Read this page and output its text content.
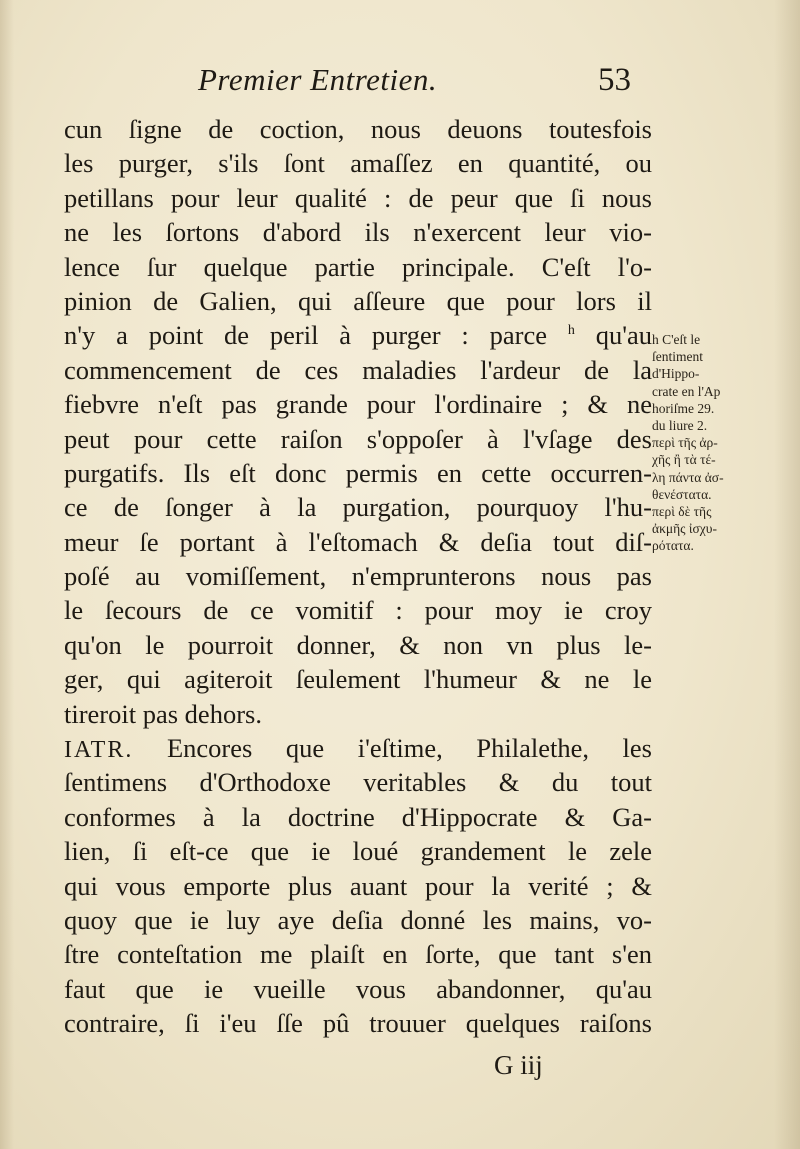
Premier Entretien.	53
cun ſigne de coction, nous deuons toutesfois
les purger, s'ils ſont amaſſez en quantité, ou
petillans pour leur qualité : de peur que ſi nous
ne les ſortons d'abord ils n'exercent leur vio-
lence ſur quelque partie principale. C'eſt l'o-
pinion de Galien, qui aſſeure que pour lors il
n'y a point de peril à purger : parce $^h$ qu'au
commencement de ces maladies l'ardeur de la
fiebvre n'eſt pas grande pour l'ordinaire ; & ne
peut pour cette raiſon s'oppoſer à l'vſage des
purgatifs. Ils eſt donc permis en cette occurren-
ce de ſonger à la purgation, pourquoy l'hu-
meur ſe portant à l'eſtomach & deſia tout diſ-
poſé au vomiſſement, n'emprunterons nous pas
le ſecours de ce vomitif : pour moy ie croy
qu'on le pourroit donner, & non vn plus le-
ger, qui agiteroit ſeulement l'humeur & ne le
tireroit pas dehors.
IATR. Encores que i'eſtime, Philalethe, les
ſentimens d'Orthodoxe veritables & du tout
conformes à la doctrine d'Hippocrate & Ga-
lien, ſi eſt-ce que ie loué grandement le zele
qui vous emporte plus auant pour la verité ; &
quoy que ie luy aye deſia donné les mains, vo-
ſtre conteſtation me plaiſt en ſorte, que tant s'en
faut que ie vueille vous abandonner, qu'au
contraire, ſi i'eu ſſe pû trouuer quelques raiſons
h C'eſt le
ſentiment
d'Hippo-
crate en l'Ap
horiſme 29.
du liure 2.
περὶ τῆς ἀρ-
χῆς ἢ τὰ τέ-
λη πάντα ἀσ-
θενέστατα.
περὶ δὲ τῆς
ἀκμῆς ἰσχυ-
ρότατα.
G iij
